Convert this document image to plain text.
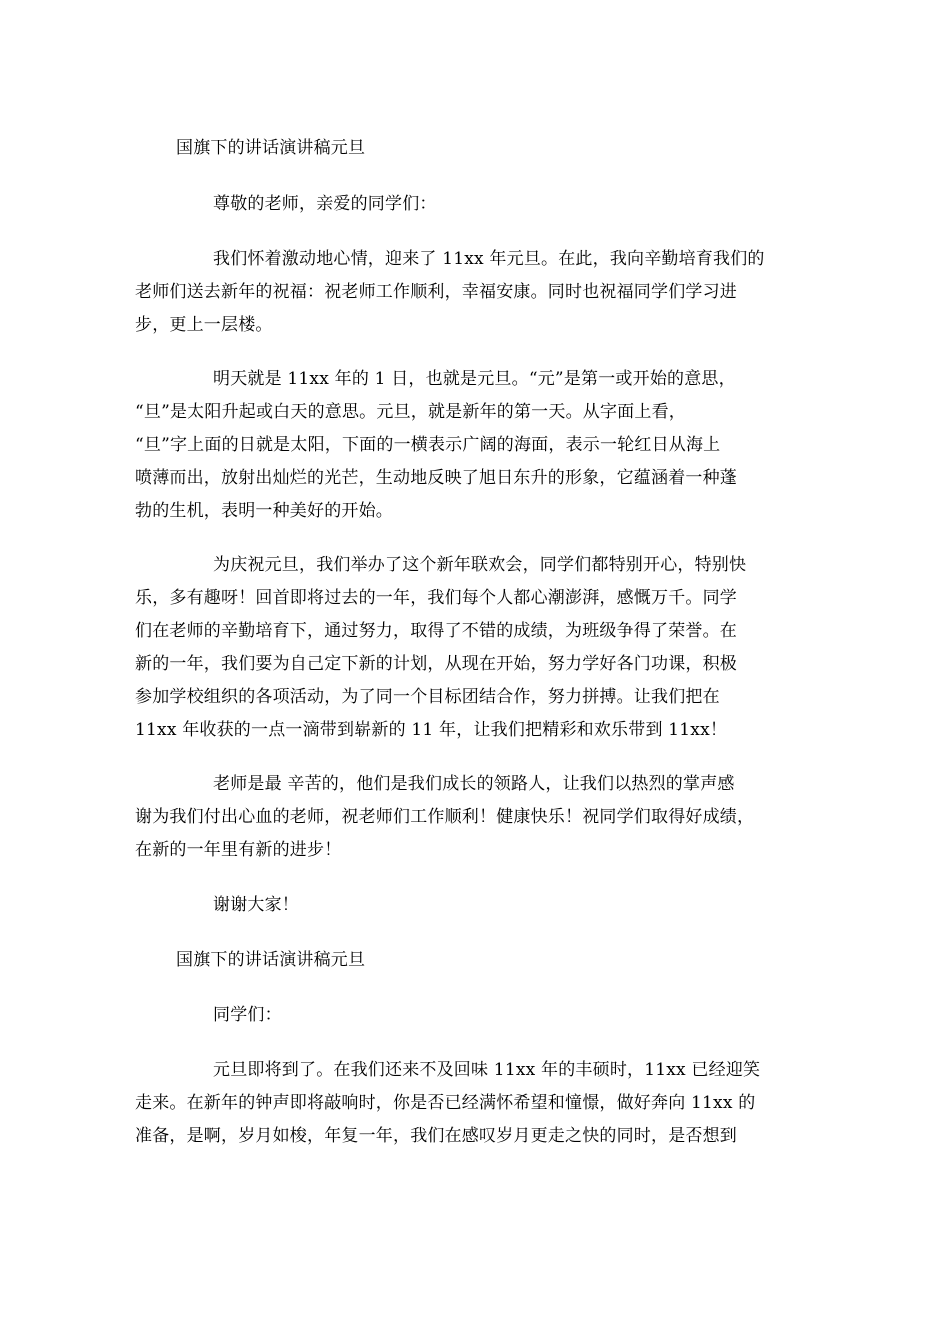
国旗下的讲话演讲稿元旦
尊敬的老师，亲爱的同学们：
我们怀着激动地心情，迎来了 11xx 年元旦。在此，我向辛勤培育我们的
老师们送去新年的祝福：祝老师工作顺利，幸福安康。同时也祝福同学们学习进
步，更上一层楼。
明天就是 11xx 年的 1 日，也就是元旦。“元”是第一或开始的意思，
“旦”是太阳升起或白天的意思。元旦，就是新年的第一天。从字面上看，
“旦”字上面的日就是太阳，下面的一横表示广阔的海面，表示一轮红日从海上
喷薄而出，放射出灿烂的光芒，生动地反映了旭日东升的形象，它蕴涵着一种蓬
勃的生机，表明一种美好的开始。
为庆祝元旦，我们举办了这个新年联欢会，同学们都特别开心，特别快
乐，多有趣呀！回首即将过去的一年，我们每个人都心潮澎湃，感慨万千。同学
们在老师的辛勤培育下，通过努力，取得了不错的成绩，为班级争得了荣誉。在
新的一年，我们要为自己定下新的计划，从现在开始，努力学好各门功课，积极
参加学校组织的各项活动，为了同一个目标团结合作，努力拼搏。让我们把在
11xx 年收获的一点一滴带到崭新的 11 年，让我们把精彩和欢乐带到 11xx！
老师是最 辛苦的，他们是我们成长的领路人，让我们以热烈的掌声感
谢为我们付出心血的老师，祝老师们工作顺利！健康快乐！祝同学们取得好成绩，
在新的一年里有新的进步！
谢谢大家！
国旗下的讲话演讲稿元旦
同学们：
元旦即将到了。在我们还来不及回味 11xx 年的丰硕时，11xx 已经迎笑
走来。在新年的钟声即将敲响时，你是否已经满怀希望和憧憬，做好奔向 11xx 的
准备，是啊，岁月如梭，年复一年，我们在感叹岁月更走之快的同时，是否想到
